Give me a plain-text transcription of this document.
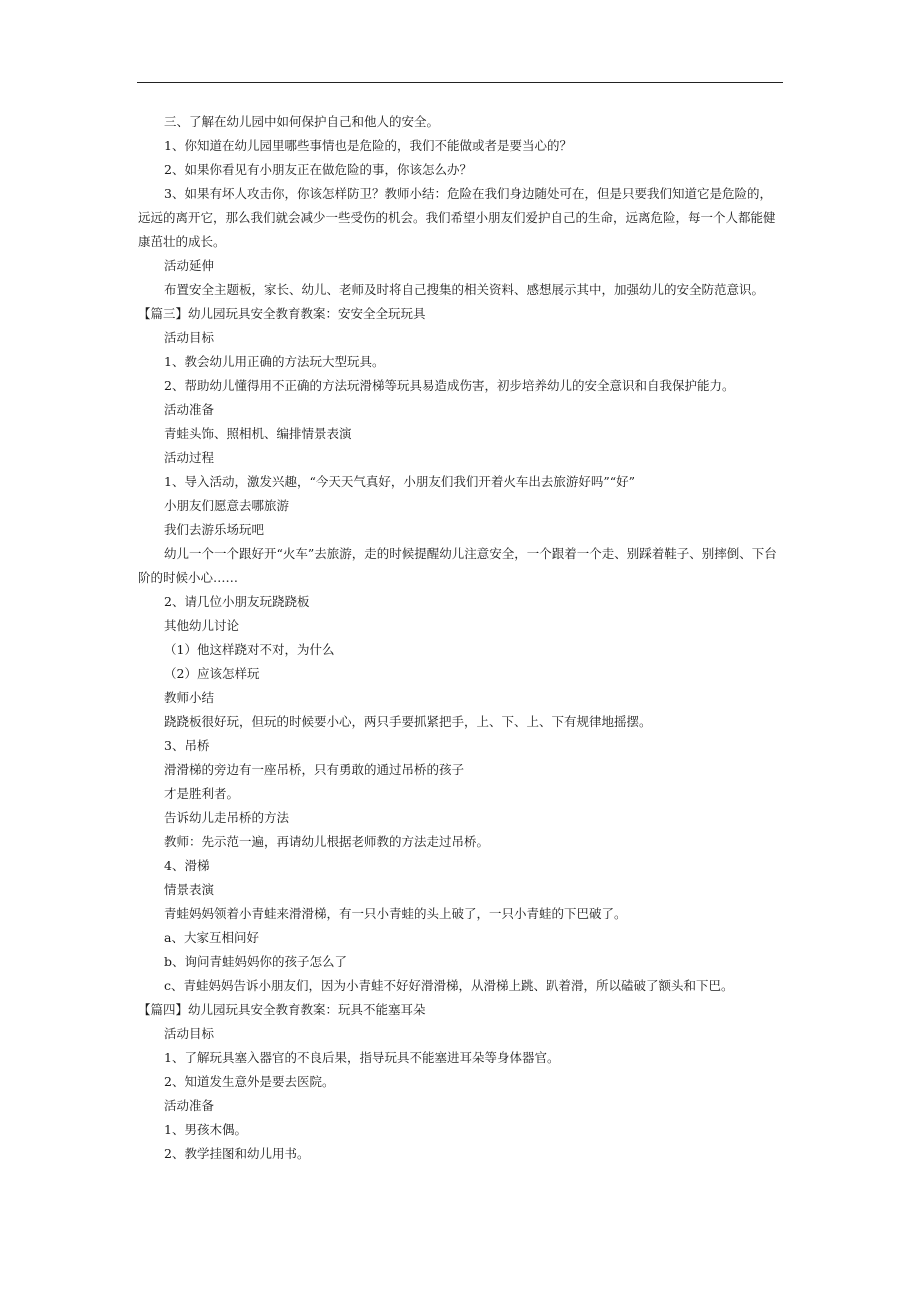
三、了解在幼儿园中如何保护自己和他人的安全。

1、你知道在幼儿园里哪些事情也是危险的，我们不能做或者是要当心的？

2、如果你看见有小朋友正在做危险的事，你该怎么办？

3、如果有坏人攻击你，你该怎样防卫？教师小结：危险在我们身边随处可在，但是只要我们知道它是危险的，远远的离开它，那么我们就会减少一些受伤的机会。我们希望小朋友们爱护自己的生命，远离危险，每一个人都能健康茁壮的成长。

活动延伸

布置安全主题板，家长、幼儿、老师及时将自己搜集的相关资料、感想展示其中，加强幼儿的安全防范意识。

【篇三】幼儿园玩具安全教育教案：安安全全玩玩具

活动目标

1、教会幼儿用正确的方法玩大型玩具。

2、帮助幼儿懂得用不正确的方法玩滑梯等玩具易造成伤害，初步培养幼儿的安全意识和自我保护能力。

活动准备

青蛙头饰、照相机、编排情景表演

活动过程

1、导入活动，激发兴趣，“今天天气真好，小朋友们我们开着火车出去旅游好吗”“好”

小朋友们愿意去哪旅游

我们去游乐场玩吧

幼儿一个一个跟好开“火车”去旅游，走的时候提醒幼儿注意安全，一个跟着一个走、别踩着鞋子、别摔倒、下台阶的时候小心……

2、请几位小朋友玩跷跷板

其他幼儿讨论

（1）他这样跷对不对，为什么

（2）应该怎样玩

教师小结

跷跷板很好玩，但玩的时候要小心，两只手要抓紧把手，上、下、上、下有规律地摇摆。

3、吊桥

滑滑梯的旁边有一座吊桥，只有勇敢的通过吊桥的孩子

才是胜利者。

告诉幼儿走吊桥的方法

教师：先示范一遍，再请幼儿根据老师教的方法走过吊桥。

4、滑梯

情景表演

青蛙妈妈领着小青蛙来滑滑梯，有一只小青蛙的头上破了，一只小青蛙的下巴破了。

a、大家互相问好

b、询问青蛙妈妈你的孩子怎么了

c、青蛙妈妈告诉小朋友们，因为小青蛙不好好滑滑梯，从滑梯上跳、趴着滑，所以磕破了额头和下巴。

【篇四】幼儿园玩具安全教育教案：玩具不能塞耳朵

活动目标

1、了解玩具塞入器官的不良后果，指导玩具不能塞进耳朵等身体器官。

2、知道发生意外是要去医院。

活动准备

1、男孩木偶。

2、教学挂图和幼儿用书。
